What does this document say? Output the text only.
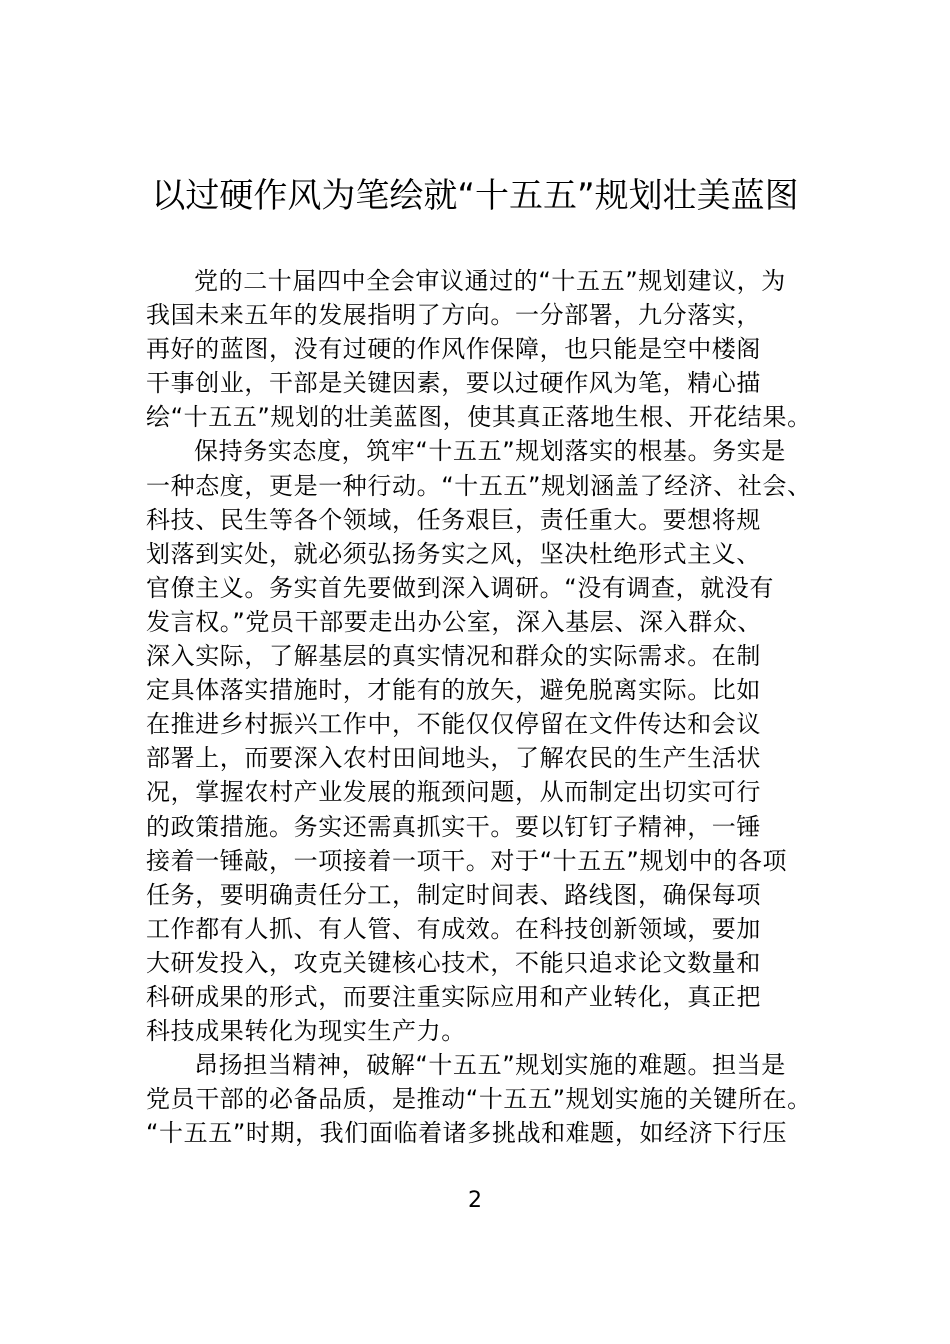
以过硬作风为笔绘就“十五五”规划壮美蓝图
党的二十届四中全会审议通过的“十五五”规划建议，为
我国未来五年的发展指明了方向。一分部署，九分落实，
再好的蓝图，没有过硬的作风作保障，也只能是空中楼阁
干事创业，干部是关键因素，要以过硬作风为笔，精心描
绘“十五五”规划的壮美蓝图，使其真正落地生根、开花结果。
保持务实态度，筑牢“十五五”规划落实的根基。务实是
一种态度，更是一种行动。“十五五”规划涵盖了经济、社会、
科技、民生等各个领域，任务艰巨，责任重大。要想将规
划落到实处，就必须弘扬务实之风，坚决杜绝形式主义、
官僚主义。务实首先要做到深入调研。“没有调查，就没有
发言权。”党员干部要走出办公室，深入基层、深入群众、
深入实际，了解基层的真实情况和群众的实际需求。在制
定具体落实措施时，才能有的放矢，避免脱离实际。比如
在推进乡村振兴工作中，不能仅仅停留在文件传达和会议
部署上，而要深入农村田间地头，了解农民的生产生活状
况，掌握农村产业发展的瓶颈问题，从而制定出切实可行
的政策措施。务实还需真抓实干。要以钉钉子精神，一锤
接着一锤敲，一项接着一项干。对于“十五五”规划中的各项
任务，要明确责任分工，制定时间表、路线图，确保每项
工作都有人抓、有人管、有成效。在科技创新领域，要加
大研发投入，攻克关键核心技术，不能只追求论文数量和
科研成果的形式，而要注重实际应用和产业转化，真正把
科技成果转化为现实生产力。
昂扬担当精神，破解“十五五”规划实施的难题。担当是
党员干部的必备品质，是推动“十五五”规划实施的关键所在。
“十五五”时期，我们面临着诸多挑战和难题，如经济下行压
2
